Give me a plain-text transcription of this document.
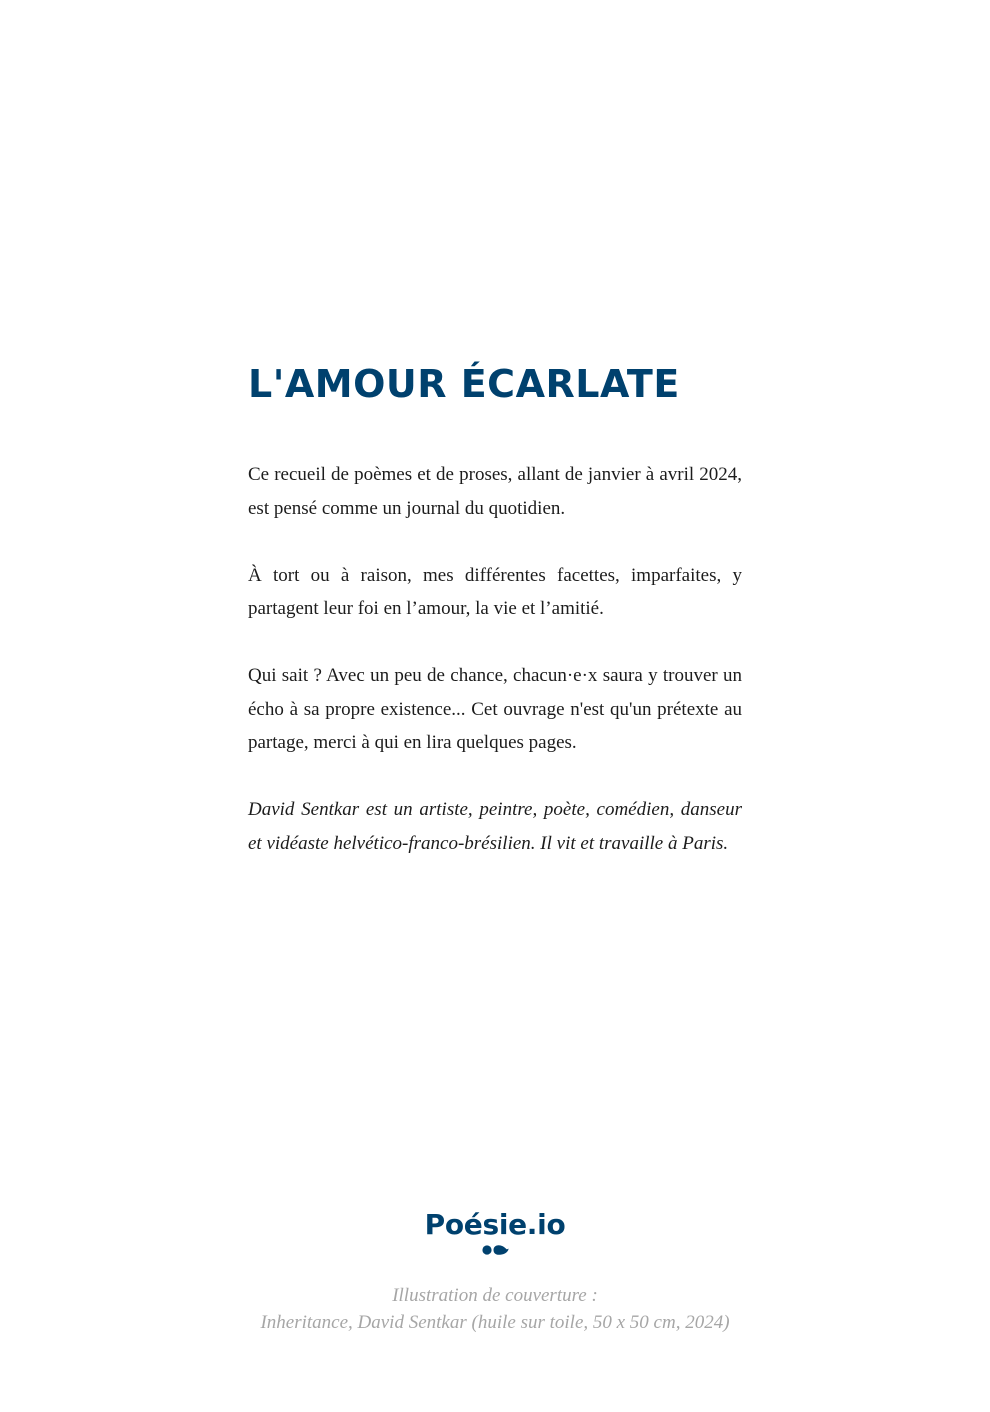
L'AMOUR ÉCARLATE

Ce recueil de poèmes et de proses, allant de janvier à avril 2024, est pensé comme un journal du quotidien.

À tort ou à raison, mes différentes facettes, imparfaites, y partagent leur foi en l’amour, la vie et l’amitié.

Qui sait ? Avec un peu de chance, chacun·e·x saura y trouver un écho à sa propre existence... Cet ouvrage n'est qu'un prétexte au partage, merci à qui en lira quelques pages.

David Sentkar est un artiste, peintre, poète, comédien, danseur et vidéaste helvético-franco-brésilien. Il vit et travaille à Paris.

Poésie.io
Illustration de couverture :
Inheritance, David Sentkar (huile sur toile, 50 x 50 cm, 2024)
